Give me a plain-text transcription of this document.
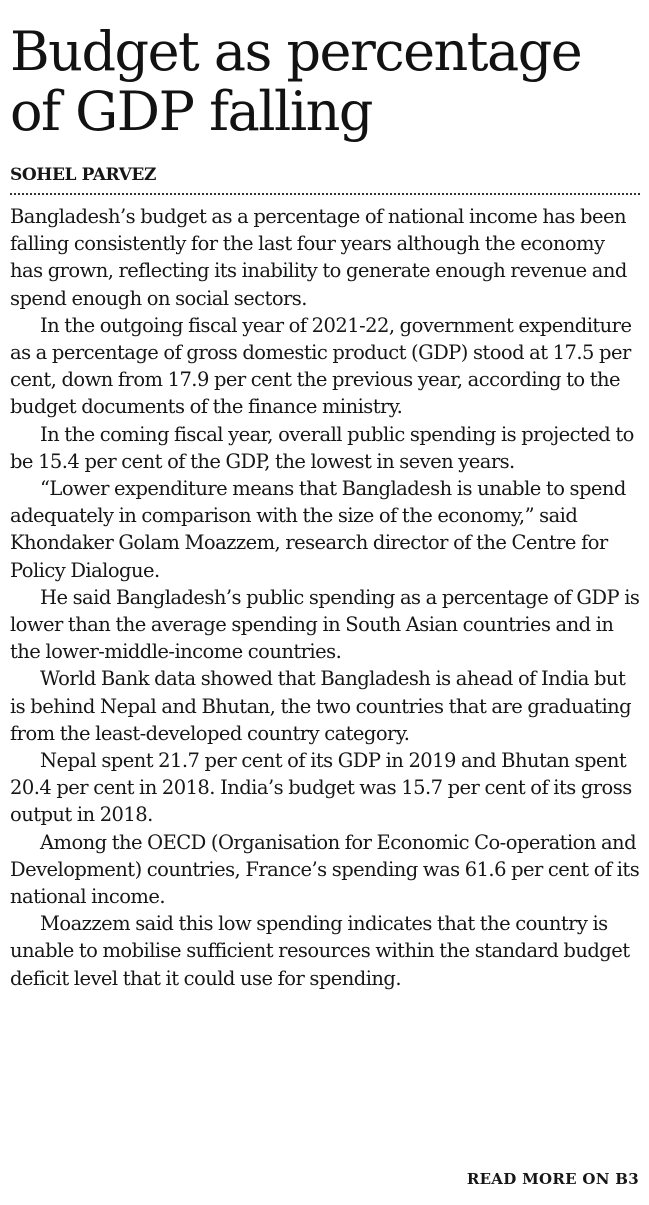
Budget as percentage
of GDP falling
SOHEL PARVEZ

Bangladesh’s budget as a percentage of national income has been falling consistently for the last four years although the economy has grown, reflecting its inability to generate enough revenue and spend enough on social sectors.

In the outgoing fiscal year of 2021-22, government expenditure as a percentage of gross domestic product (GDP) stood at 17.5 per cent, down from 17.9 per cent the previous year, according to the budget documents of the finance ministry.

In the coming fiscal year, overall public spending is projected to be 15.4 per cent of the GDP, the lowest in seven years.

“Lower expenditure means that Bangladesh is unable to spend adequately in comparison with the size of the economy,” said Khondaker Golam Moazzem, research director of the Centre for Policy Dialogue.

He said Bangladesh’s public spending as a percentage of GDP is lower than the average spending in South Asian countries and in the lower-middle-income countries.

World Bank data showed that Bangladesh is ahead of India but is behind Nepal and Bhutan, the two countries that are graduating from the least-developed country category.

Nepal spent 21.7 per cent of its GDP in 2019 and Bhutan spent 20.4 per cent in 2018. India’s budget was 15.7 per cent of its gross output in 2018.

Among the OECD (Organisation for Economic Co-operation and Development) countries, France’s spending was 61.6 per cent of its national income.

Moazzem said this low spending indicates that the country is unable to mobilise sufficient resources within the standard budget deficit level that it could use for spending.

READ MORE ON B3
